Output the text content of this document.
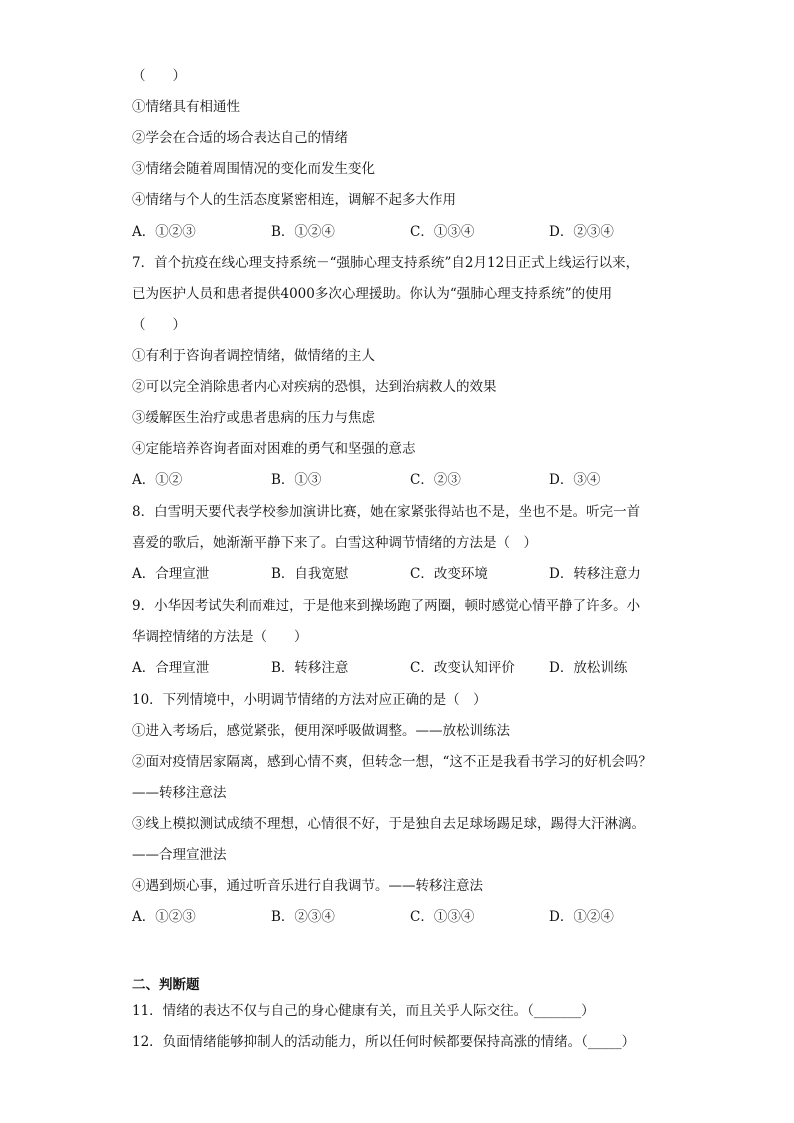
（　　）

①情绪具有相通性

②学会在合适的场合表达自己的情绪

③情绪会随着周围情况的变化而发生变化

④情绪与个人的生活态度紧密相连，调解不起多大作用

A．①②③	B．①②④	C．①③④	D．②③④

7．首个抗疫在线心理支持系统－“强肺心理支持系统”自2月12日正式上线运行以来，

已为医护人员和患者提供4000多次心理援助。你认为“强肺心理支持系统”的使用

（　　）

①有利于咨询者调控情绪，做情绪的主人

②可以完全消除患者内心对疾病的恐惧，达到治病救人的效果

③缓解医生治疗或患者患病的压力与焦虑

④定能培养咨询者面对困难的勇气和坚强的意志

A．①②	B．①③	C．②③	D．③④

8．白雪明天要代表学校参加演讲比赛，她在家紧张得站也不是，坐也不是。听完一首

喜爱的歌后，她渐渐平静下来了。白雪这种调节情绪的方法是（　）

A．合理宣泄	B．自我宽慰	C．改变环境	D．转移注意力

9．小华因考试失利而难过，于是他来到操场跑了两圈，顿时感觉心情平静了许多。小

华调控情绪的方法是（　　）

A．合理宣泄	B．转移注意	C．改变认知评价	D．放松训练

10．下列情境中，小明调节情绪的方法对应正确的是（　）

①进入考场后，感觉紧张，便用深呼吸做调整。——放松训练法

②面对疫情居家隔离，感到心情不爽，但转念一想，“这不正是我看书学习的好机会吗？

——转移注意法

③线上模拟测试成绩不理想，心情很不好，于是独自去足球场踢足球，踢得大汗淋漓。

——合理宣泄法

④遇到烦心事，通过听音乐进行自我调节。——转移注意法

A．①②③	B．②③④	C．①③④	D．①②④

二、判断题

11．情绪的表达不仅与自己的身心健康有关，而且关乎人际交往。（_______）

12．负面情绪能够抑制人的活动能力，所以任何时候都要保持高涨的情绪。（_____）
